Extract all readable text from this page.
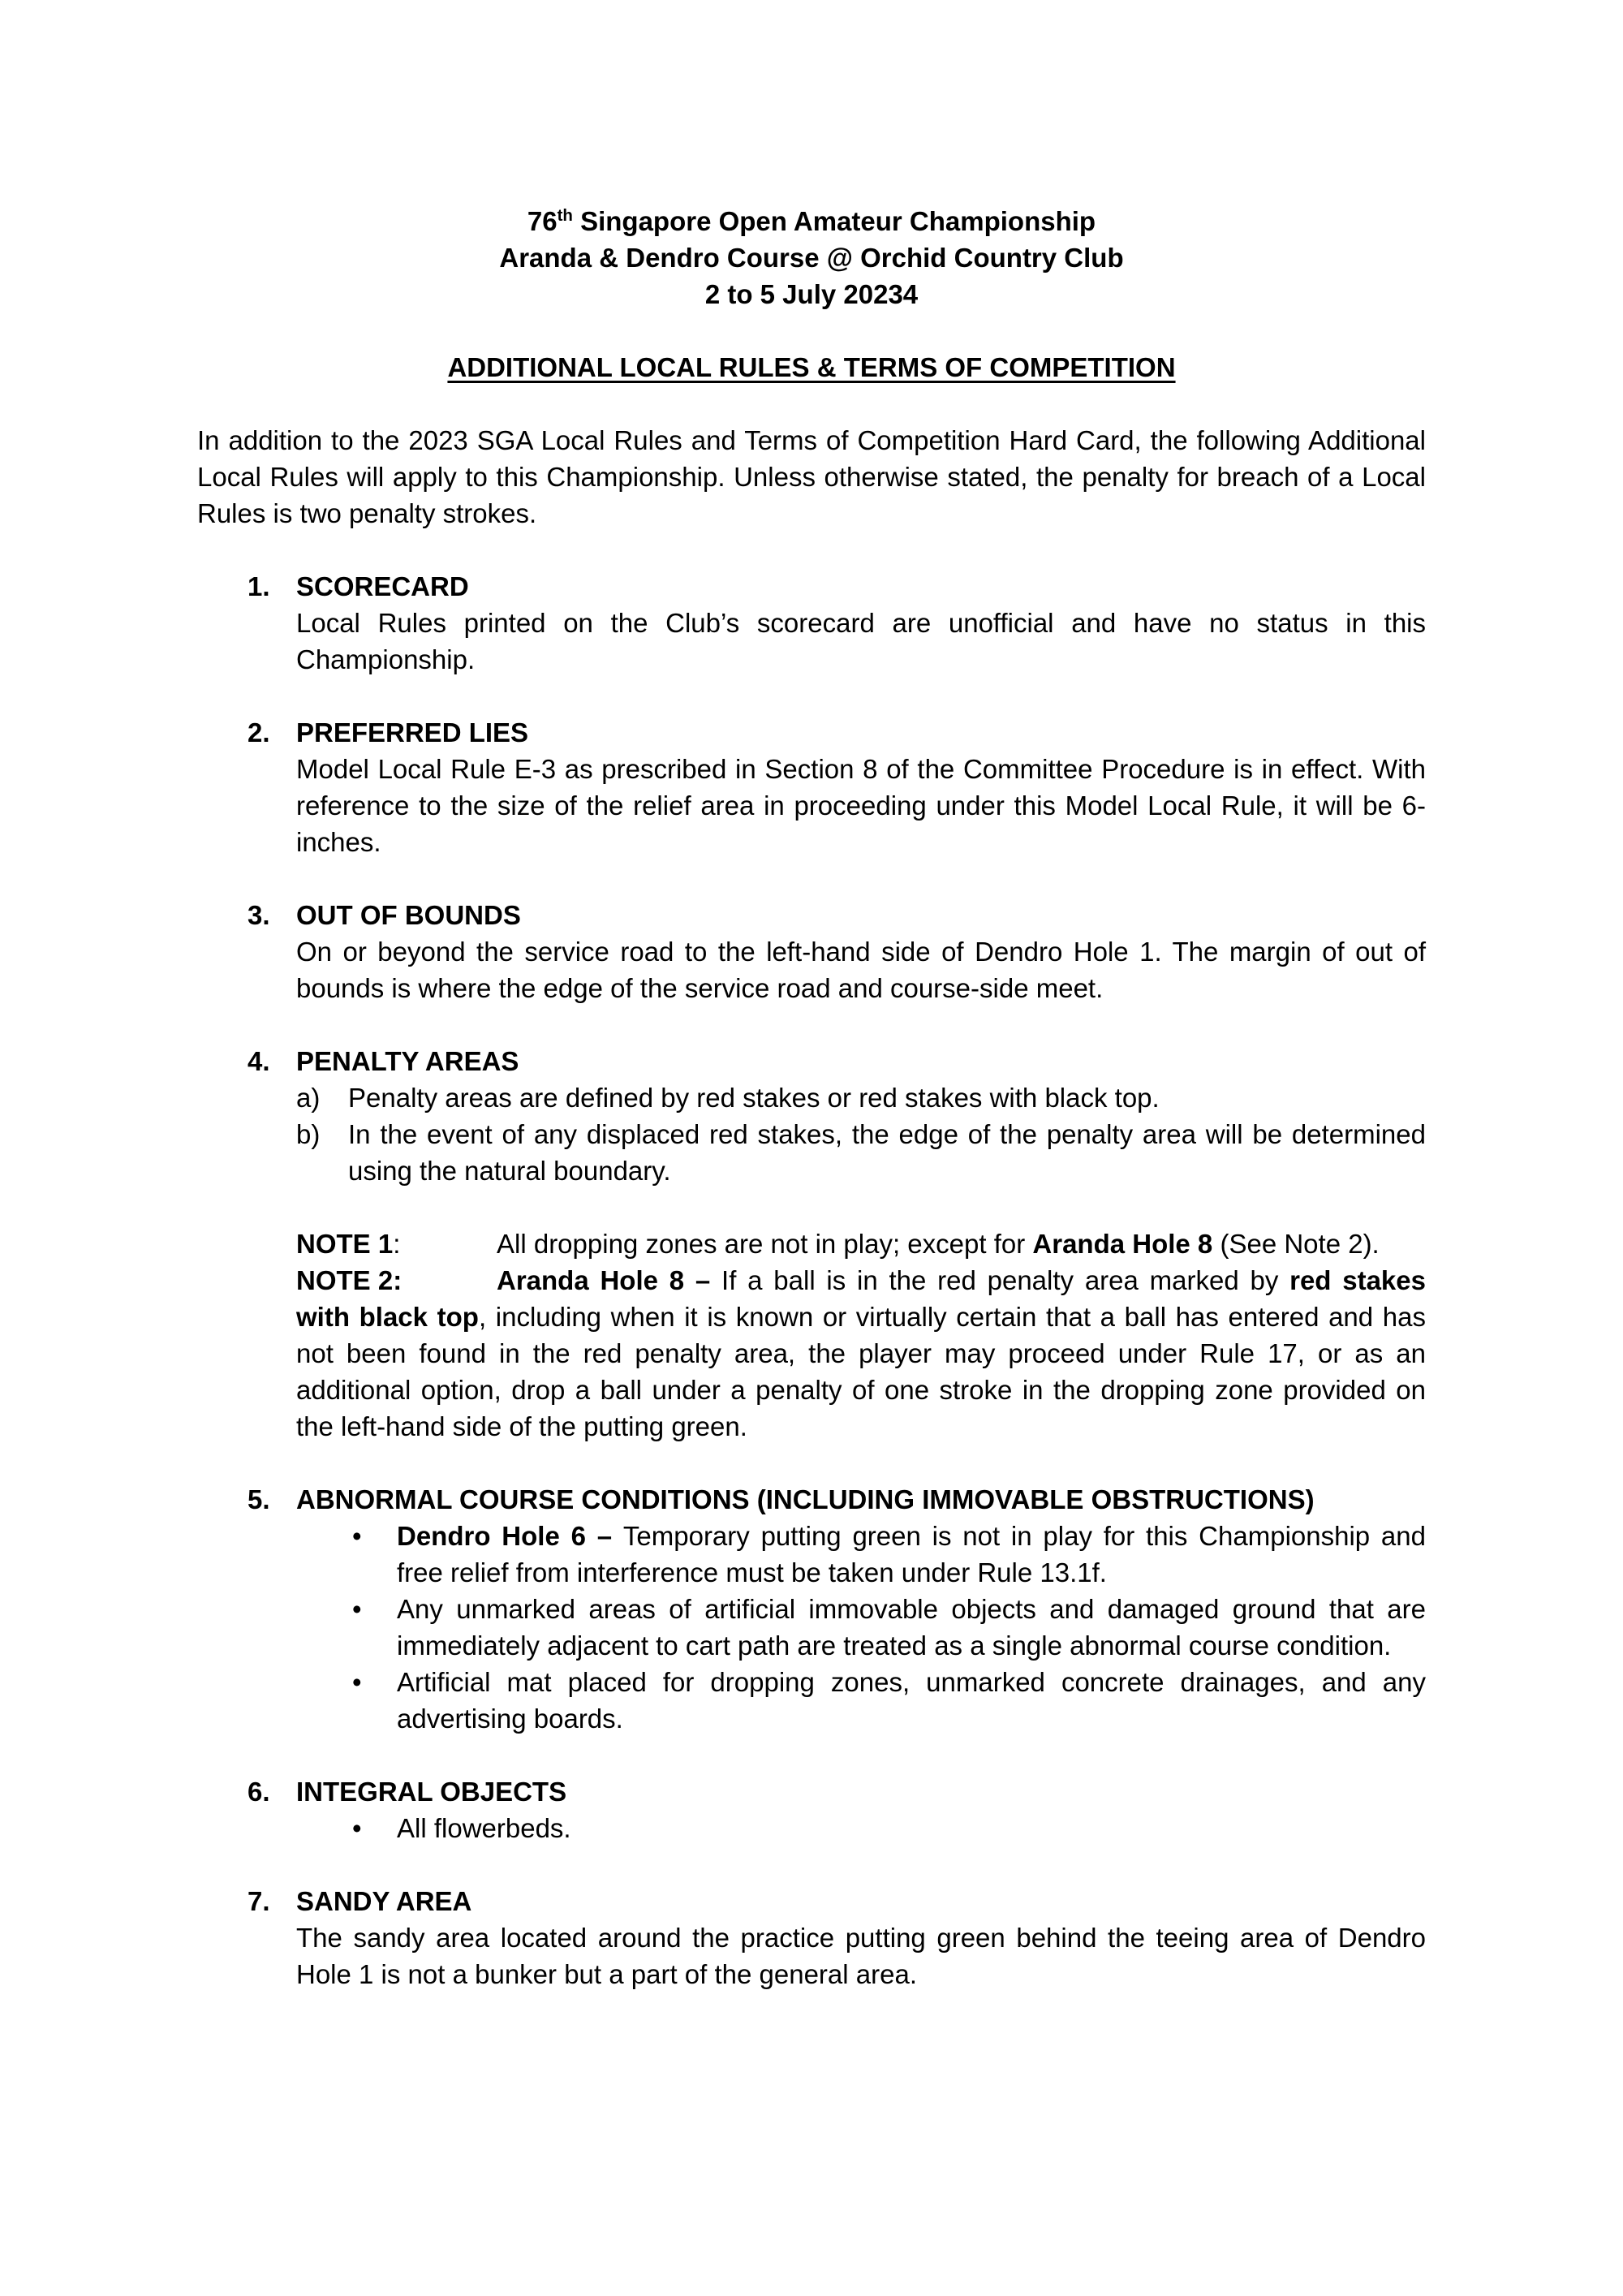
76th Singapore Open Amateur Championship

Aranda & Dendro Course @ Orchid Country Club

2 to 5 July 20234

ADDITIONAL LOCAL RULES & TERMS OF COMPETITION

In addition to the 2023 SGA Local Rules and Terms of Competition Hard Card, the following Additional Local Rules will apply to this Championship. Unless otherwise stated, the penalty for breach of a Local Rules is two penalty strokes.

1. SCORECARD

Local Rules printed on the Club’s scorecard are unofficial and have no status in this Championship.

2. PREFERRED LIES

Model Local Rule E-3 as prescribed in Section 8 of the Committee Procedure is in effect. With reference to the size of the relief area in proceeding under this Model Local Rule, it will be 6-inches.

3. OUT OF BOUNDS

On or beyond the service road to the left-hand side of Dendro Hole 1. The margin of out of bounds is where the edge of the service road and course-side meet.

4. PENALTY AREAS
a) Penalty areas are defined by red stakes or red stakes with black top.

b) In the event of any displaced red stakes, the edge of the penalty area will be determined using the natural boundary.

NOTE 1:	All dropping zones are not in play; except for Aranda Hole 8 (See Note 2).

NOTE 2:	Aranda Hole 8 – If a ball is in the red penalty area marked by red stakes with black top, including when it is known or virtually certain that a ball has entered and has not been found in the red penalty area, the player may proceed under Rule 17, or as an additional option, drop a ball under a penalty of one stroke in the dropping zone provided on the left-hand side of the putting green.

5. ABNORMAL COURSE CONDITIONS (INCLUDING IMMOVABLE OBSTRUCTIONS)
• Dendro Hole 6 – Temporary putting green is not in play for this Championship and free relief from interference must be taken under Rule 13.1f.

• Any unmarked areas of artificial immovable objects and damaged ground that are immediately adjacent to cart path are treated as a single abnormal course condition.

• Artificial mat placed for dropping zones, unmarked concrete drainages, and any advertising boards.

6. INTEGRAL OBJECTS
• All flowerbeds.

7. SANDY AREA

The sandy area located around the practice putting green behind the teeing area of Dendro Hole 1 is not a bunker but a part of the general area.
